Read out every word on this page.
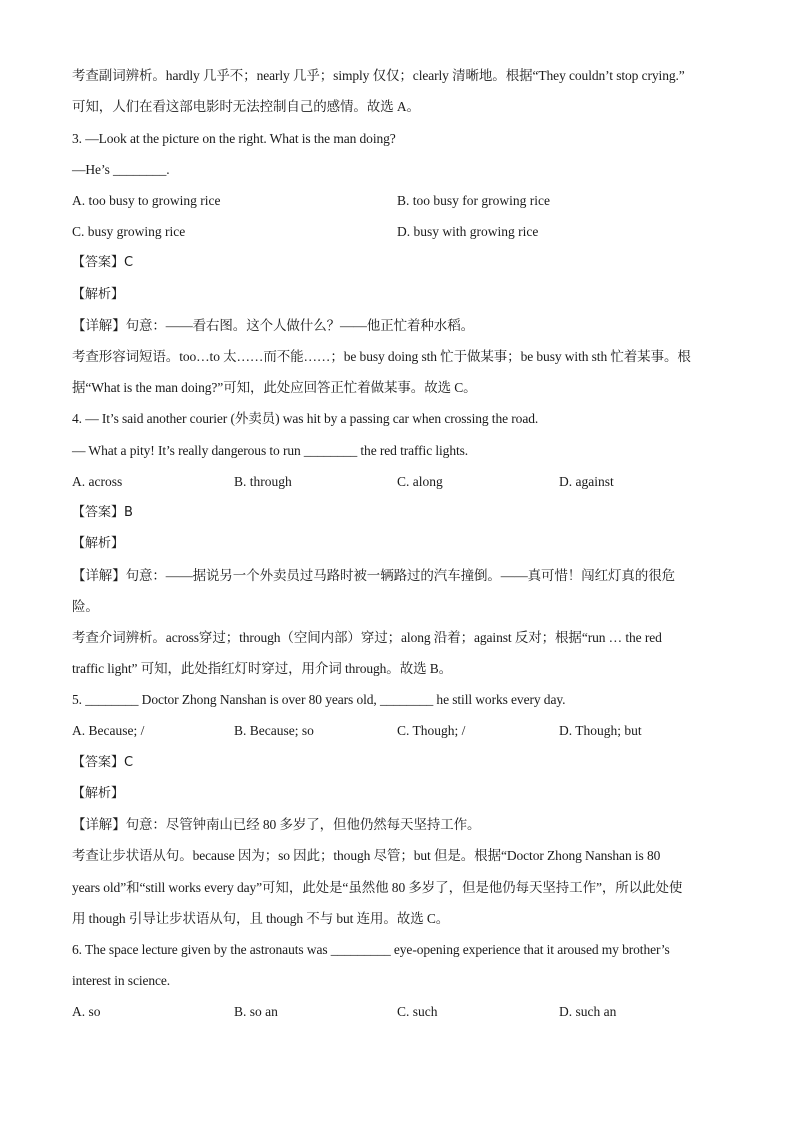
考查副词辨析。hardly 几乎不；nearly 几乎；simply 仅仅；clearly 清晰地。根据“They couldn’t stop crying.”
可知，人们在看这部电影时无法控制自己的感情。故选 A。
3. —Look at the picture on the right. What is the man doing?
—He’s ________.
A. too busy to growing rice	B. too busy for growing rice
C. busy growing rice	D. busy with growing rice
【答案】C
【解析】
【详解】句意：——看右图。这个人做什么？——他正忙着种水稻。
考查形容词短语。too…to 太……而不能……；be busy doing sth 忙于做某事；be busy with sth 忙着某事。根
据“What is the man doing?”可知，此处应回答正忙着做某事。故选 C。
4. — It’s said another courier (外卖员) was hit by a passing car when crossing the road.
— What a pity! It’s really dangerous to run ________ the red traffic lights.
A. across	B. through	C. along	D. against
【答案】B
【解析】
【详解】句意：——据说另一个外卖员过马路时被一辆路过的汽车撞倒。——真可惜！闯红灯真的很危
险。
考查介词辨析。across穿过；through（空间内部）穿过；along 沿着；against 反对；根据“run … the red
traffic light” 可知，此处指红灯时穿过，用介词 through。故选 B。
5. ________ Doctor Zhong Nanshan is over 80 years old, ________ he still works every day.
A. Because; /	B. Because; so	C. Though; /	D. Though; but
【答案】C
【解析】
【详解】句意：尽管钟南山已经 80 多岁了，但他仍然每天坚持工作。
考查让步状语从句。because 因为；so 因此；though 尽管；but 但是。根据“Doctor Zhong Nanshan is 80
years old”和“still works every day”可知，此处是“虽然他 80 多岁了，但是他仍每天坚持工作”，所以此处使
用 though 引导让步状语从句，且 though 不与 but 连用。故选 C。
6. The space lecture given by the astronauts was _________ eye-opening experience that it aroused my brother’s
interest in science.
A. so	B. so an	C. such	D. such an
